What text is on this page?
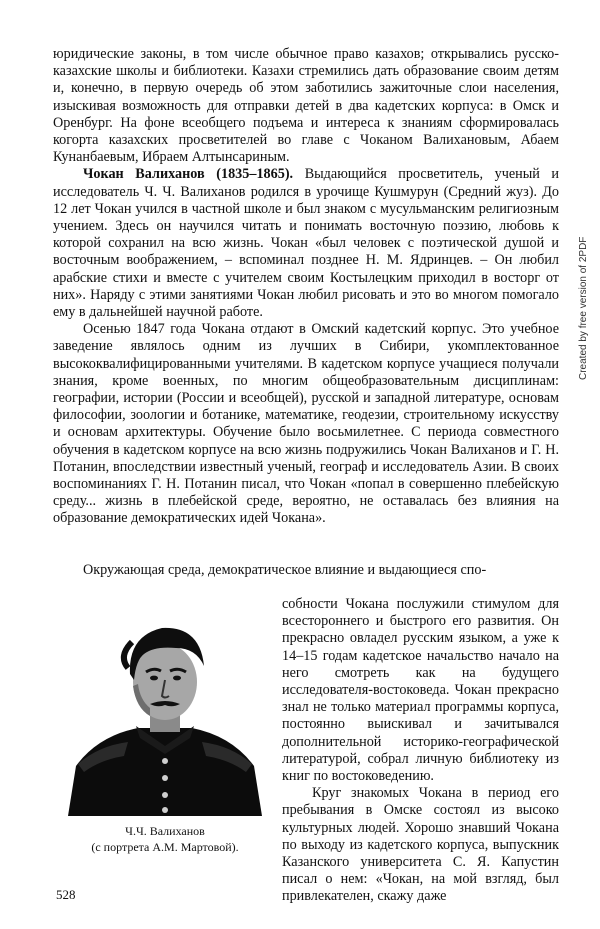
юридические законы, в том числе обычное право казахов; открывались русско-казахские школы и библиотеки. Казахи стремились дать образование своим детям и, конечно, в первую очередь об этом заботились зажиточные слои населения, изыскивая возможность для отправки детей в два кадетских корпуса: в Омск и Оренбург. На фоне всеобщего подъема и интереса к знаниям сформировалась когорта казахских просветителей во главе с Чоканом Валихановым, Абаем Кунанбаевым, Ибраем Алтынсариным.

Чокан Валиханов (1835–1865). Выдающийся просветитель, ученый и исследователь Ч. Ч. Валиханов родился в урочище Кушмурун (Средний жуз). До 12 лет Чокан учился в частной школе и был знаком с мусульманским религиозным учением. Здесь он научился читать и понимать восточную поэзию, любовь к которой сохранил на всю жизнь. Чокан «был человек с поэтической душой и восточным воображением, – вспоминал позднее Н. М. Ядринцев. – Он любил арабские стихи и вместе с учителем своим Костылецким приходил в восторг от них». Наряду с этими занятиями Чокан любил рисовать и это во многом помогало ему в дальнейшей научной работе.

Осенью 1847 года Чокана отдают в Омский кадетский корпус. Это учебное заведение являлось одним из лучших в Сибири, укомплектованное высококвалифицированными учителями. В кадетском корпусе учащиеся получали знания, кроме военных, по многим общеобразовательным дисциплинам: географии, истории (России и всеобщей), русской и западной литературе, основам философии, зоологии и ботанике, математике, геодезии, строительному искусству и основам архитектуры. Обучение было восьмилетнее. С периода совместного обучения в кадетском корпусе на всю жизнь подружились Чокан Валиханов и Г. Н. Потанин, впоследствии известный ученый, географ и исследователь Азии. В своих воспоминаниях Г. Н. Потанин писал, что Чокан «попал в совершенно плебейскую среду... жизнь в плебейской среде, вероятно, не оставалась без влияния на образование демократических идей Чокана».

Окружающая среда, демократическое влияние и выдающиеся спо-

собности Чокана послужили стимулом для всестороннего и быстрого его развития. Он прекрасно овладел русским языком, а уже к 14–15 годам кадетское начальство начало на него смотреть как на будущего исследователя-востоковеда. Чокан прекрасно знал не только материал программы корпуса, постоянно выискивал и зачитывался дополнительной историко-географической литературой, собрал личную библиотеку из книг по востоковедению.

Круг знакомых Чокана в период его пребывания в Омске состоял из высоко культурных людей. Хорошо знавший Чокана по выходу из кадетского корпуса, выпускник Казанского университета С. Я. Капустин писал о нем: «Чокан, на мой взгляд, был привлекателен, скажу даже

Ч.Ч. Валиханов
(с портрета А.М. Мартовой).
528
Created by free version of 2PDF
